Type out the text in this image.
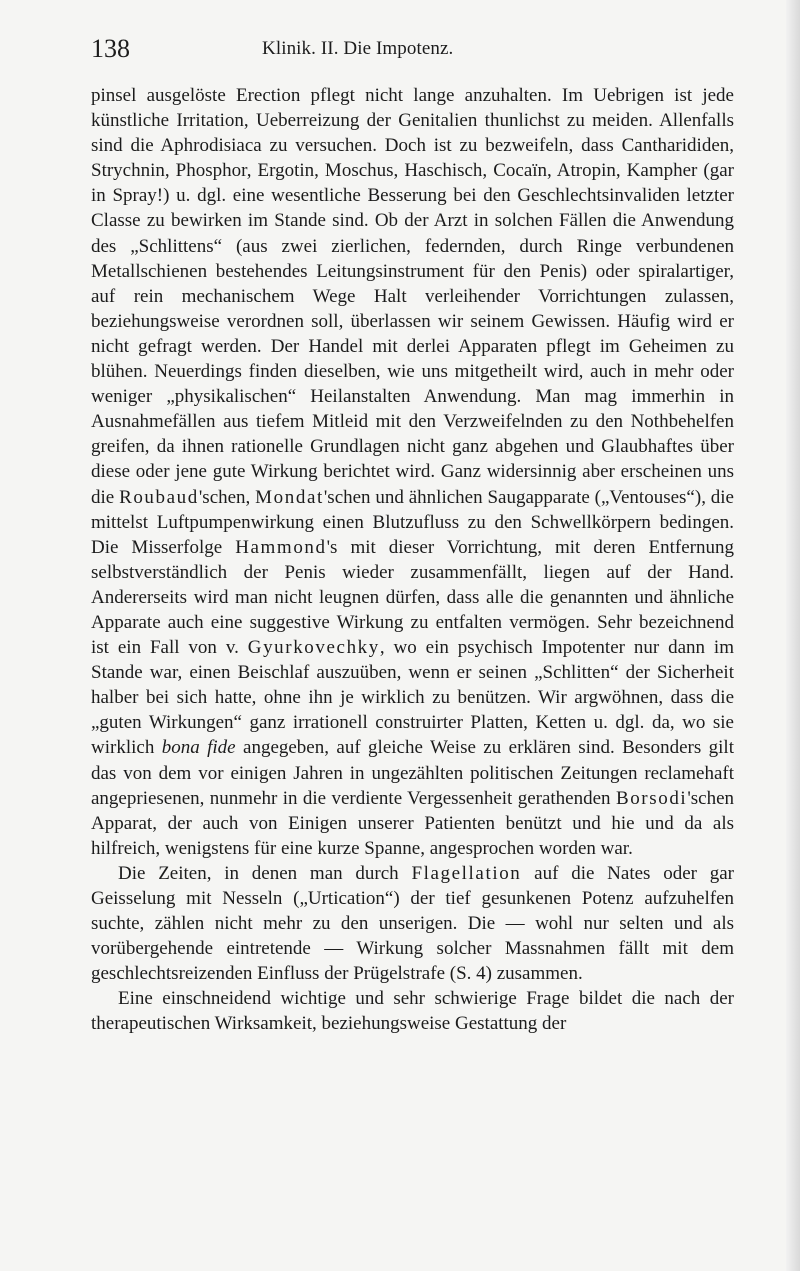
138	Klinik. II. Die Impotenz.

pinsel ausgelöste Erection pflegt nicht lange anzuhalten. Im Uebrigen ist jede künstliche Irritation, Ueberreizung der Genitalien thunlichst zu meiden. Allenfalls sind die Aphrodisiaca zu versuchen. Doch ist zu bezweifeln, dass Cantharididen, Strychnin, Phosphor, Ergotin, Moschus, Haschisch, Cocaïn, Atropin, Kampher (gar in Spray!) u. dgl. eine wesentliche Besserung bei den Geschlechtsinvaliden letzter Classe zu bewirken im Stande sind. Ob der Arzt in solchen Fällen die Anwendung des „Schlittens“ (aus zwei zierlichen, federnden, durch Ringe verbundenen Metallschienen bestehendes Leitungsinstrument für den Penis) oder spiralartiger, auf rein mechanischem Wege Halt verleihender Vorrichtungen zulassen, beziehungsweise verordnen soll, überlassen wir seinem Gewissen. Häufig wird er nicht gefragt werden. Der Handel mit derlei Apparaten pflegt im Geheimen zu blühen. Neuerdings finden dieselben, wie uns mitgetheilt wird, auch in mehr oder weniger „physikalischen“ Heilanstalten Anwendung. Man mag immerhin in Ausnahmefällen aus tiefem Mitleid mit den Verzweifelnden zu den Nothbehelfen greifen, da ihnen rationelle Grundlagen nicht ganz abgehen und Glaubhaftes über diese oder jene gute Wirkung berichtet wird. Ganz widersinnig aber erscheinen uns die Roubaud'schen, Mondat'schen und ähnlichen Saugapparate („Ventouses“), die mittelst Luftpumpenwirkung einen Blutzufluss zu den Schwellkörpern bedingen. Die Misserfolge Hammond's mit dieser Vorrichtung, mit deren Entfernung selbstverständlich der Penis wieder zusammenfällt, liegen auf der Hand. Andererseits wird man nicht leugnen dürfen, dass alle die genannten und ähnliche Apparate auch eine suggestive Wirkung zu entfalten vermögen. Sehr bezeichnend ist ein Fall von v. Gyurkovechky, wo ein psychisch Impotenter nur dann im Stande war, einen Beischlaf auszuüben, wenn er seinen „Schlitten“ der Sicherheit halber bei sich hatte, ohne ihn je wirklich zu benützen. Wir argwöhnen, dass die „guten Wirkungen“ ganz irrationell construirter Platten, Ketten u. dgl. da, wo sie wirklich bona fide angegeben, auf gleiche Weise zu erklären sind. Besonders gilt das von dem vor einigen Jahren in ungezählten politischen Zeitungen reclamehaft angepriesenen, nunmehr in die verdiente Vergessenheit gerathenden Borsodi'schen Apparat, der auch von Einigen unserer Patienten benützt und hie und da als hilfreich, wenigstens für eine kurze Spanne, angesprochen worden war.

Die Zeiten, in denen man durch Flagellation auf die Nates oder gar Geisselung mit Nesseln („Urtication“) der tief gesunkenen Potenz aufzuhelfen suchte, zählen nicht mehr zu den unserigen. Die — wohl nur selten und als vorübergehende eintretende — Wirkung solcher Massnahmen fällt mit dem geschlechtsreizenden Einfluss der Prügelstrafe (S. 4) zusammen.

Eine einschneidend wichtige und sehr schwierige Frage bildet die nach der therapeutischen Wirksamkeit, beziehungsweise Gestattung der
